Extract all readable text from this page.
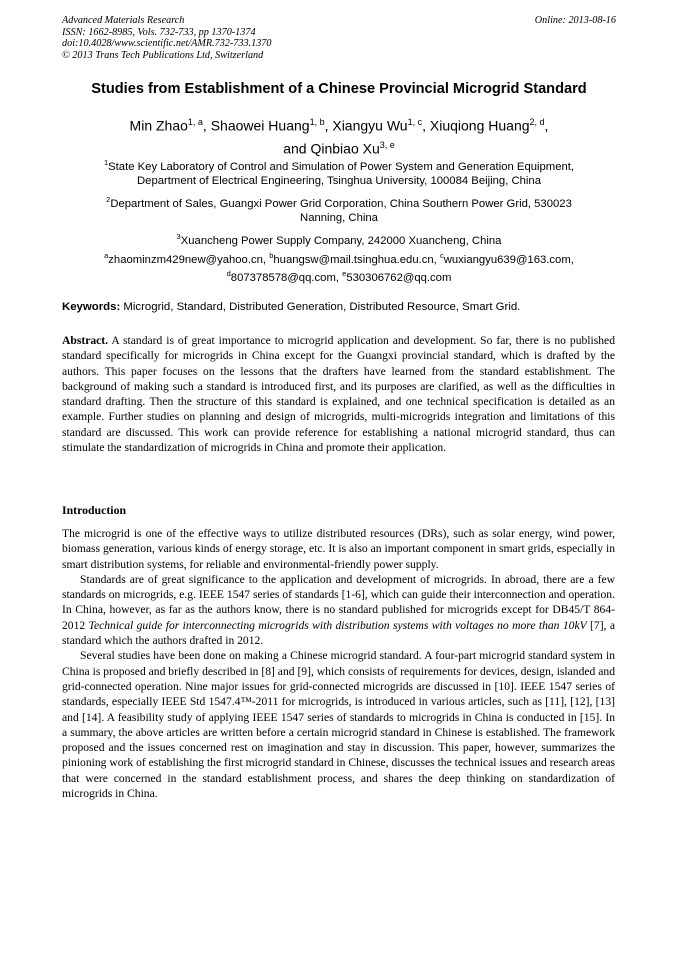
Advanced Materials Research
ISSN: 1662-8985, Vols. 732-733, pp 1370-1374
doi:10.4028/www.scientific.net/AMR.732-733.1370
© 2013 Trans Tech Publications Ltd, Switzerland
Online: 2013-08-16
Studies from Establishment of a Chinese Provincial Microgrid Standard
Min Zhao$^{1, a}$, Shaowei Huang$^{1, b}$, Xiangyu Wu$^{1, c}$, Xiuqiong Huang$^{2, d}$,
and Qinbiao Xu$^{3, e}$
$^1$State Key Laboratory of Control and Simulation of Power System and Generation Equipment,
Department of Electrical Engineering, Tsinghua University, 100084 Beijing, China
$^2$Department of Sales, Guangxi Power Grid Corporation, China Southern Power Grid, 530023
Nanning, China
$^3$Xuancheng Power Supply Company, 242000 Xuancheng, China
$^a$zhaominzm429new@yahoo.cn, $^b$huangsw@mail.tsinghua.edu.cn, $^c$wuxiangyu639@163.com,
$^d$807378578@qq.com, $^e$530306762@qq.com
Keywords: Microgrid, Standard, Distributed Generation, Distributed Resource, Smart Grid.
Abstract. A standard is of great importance to microgrid application and development. So far, there is no published standard specifically for microgrids in China except for the Guangxi provincial standard, which is drafted by the authors. This paper focuses on the lessons that the drafters have learned from the standard establishment. The background of making such a standard is introduced first, and its purposes are clarified, as well as the difficulties in standard drafting. Then the structure of this standard is explained, and one technical specification is detailed as an example. Further studies on planning and design of microgrids, multi-microgrids integration and limitations of this standard are discussed. This work can provide reference for establishing a national microgrid standard, thus can stimulate the standardization of microgrids in China and promote their application.
Introduction

The microgrid is one of the effective ways to utilize distributed resources (DRs), such as solar energy, wind power, biomass generation, various kinds of energy storage, etc. It is also an important component in smart grids, especially in smart distribution systems, for reliable and environmental-friendly power supply.

Standards are of great significance to the application and development of microgrids. In abroad, there are a few standards on microgrids, e.g. IEEE 1547 series of standards [1-6], which can guide their interconnection and operation. In China, however, as far as the authors know, there is no standard published for microgrids except for DB45/T 864-2012 Technical guide for interconnecting microgrids with distribution systems with voltages no more than 10kV [7], a standard which the authors drafted in 2012.

Several studies have been done on making a Chinese microgrid standard. A four-part microgrid standard system in China is proposed and briefly described in [8] and [9], which consists of requirements for devices, design, islanded and grid-connected operation. Nine major issues for grid-connected microgrids are discussed in [10]. IEEE 1547 series of standards, especially IEEE Std 1547.4™-2011 for microgrids, is introduced in various articles, such as [11], [12], [13] and [14]. A feasibility study of applying IEEE 1547 series of standards to microgrids in China is conducted in [15]. In a summary, the above articles are written before a certain microgrid standard in Chinese is established. The framework proposed and the issues concerned rest on imagination and stay in discussion. This paper, however, summarizes the pinioning work of establishing the first microgrid standard in Chinese, discusses the technical issues and research areas that were concerned in the standard establishment process, and shares the deep thinking on standardization of microgrids in China.
